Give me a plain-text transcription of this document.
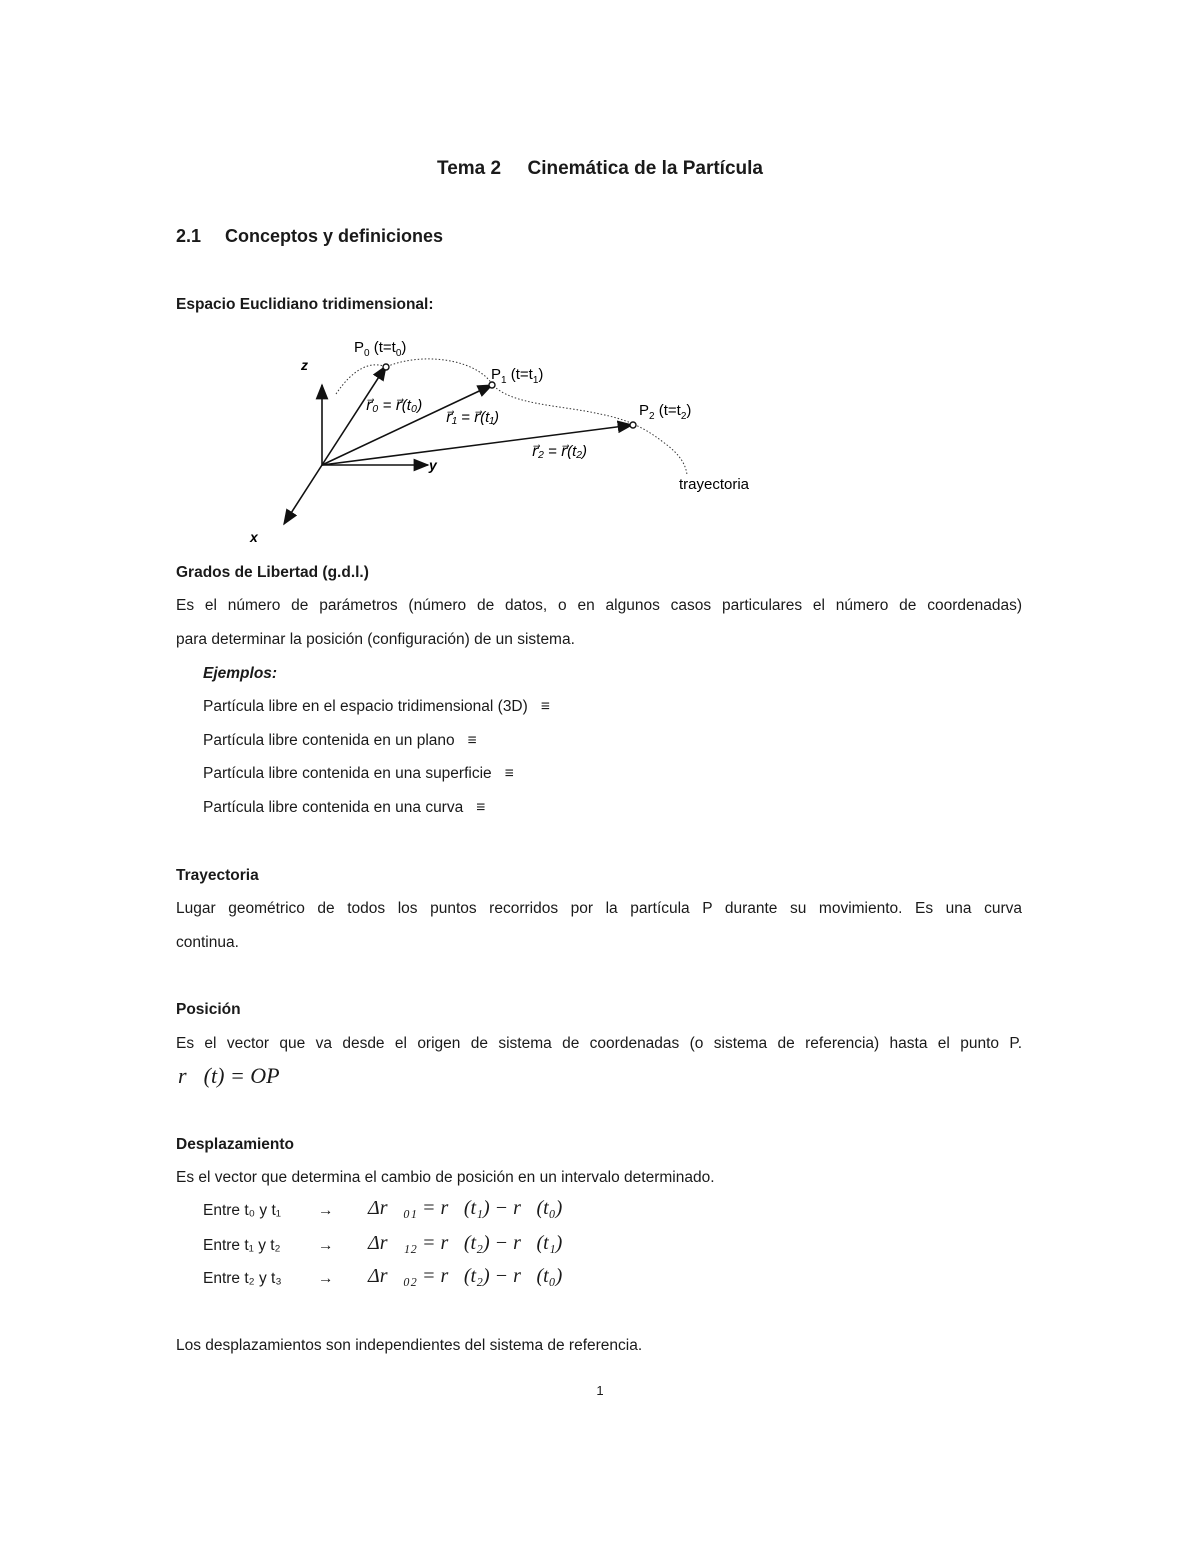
Tema 2     Cinemática de la Partícula
2.1 Conceptos y definiciones
Espacio Euclidiano tridimensional:
z
y
x
$P_0$ $(t=t_0)$
$P_1$ $(t=t_1)$
$P_2$ $(t=t_2)$
r⃗₀ = r⃗(t₀)
r⃗₁ = r⃗(t₁)
r⃗₂ = r⃗(t₂)
trayectoria
Grados de Libertad (g.d.l.)
Es el número de parámetros (número de datos, o en algunos casos particulares el número de coordenadas)
para determinar la posición (configuración) de un sistema.
Ejemplos:
Partícula libre en el espacio tridimensional (3D)   ≡
Partícula libre contenida en un plano   ≡
Partícula libre contenida en una superficie   ≡
Partícula libre contenida en una curva   ≡
Trayectoria
Lugar geométrico de todos los puntos recorridos por la partícula P durante su movimiento. Es una curva
continua.
Posición
Es el vector que va desde el origen de sistema de coordenadas (o sistema de referencia) hasta el punto P.
r⃗(t) = OP
Desplazamiento
Es el vector que determina el cambio de posición en un intervalo determinado.
Entre t₀ y t₁ → Δr⃗₀₁ = r⃗(t₁) − r⃗(t₀)
Entre t₁ y t₂ → Δr⃗₁₂ = r⃗(t₂) − r⃗(t₁)
Entre t₂ y t₃ → Δr⃗₀₂ = r⃗(t₂) − r⃗(t₀)
Los desplazamientos son independientes del sistema de referencia.
1
